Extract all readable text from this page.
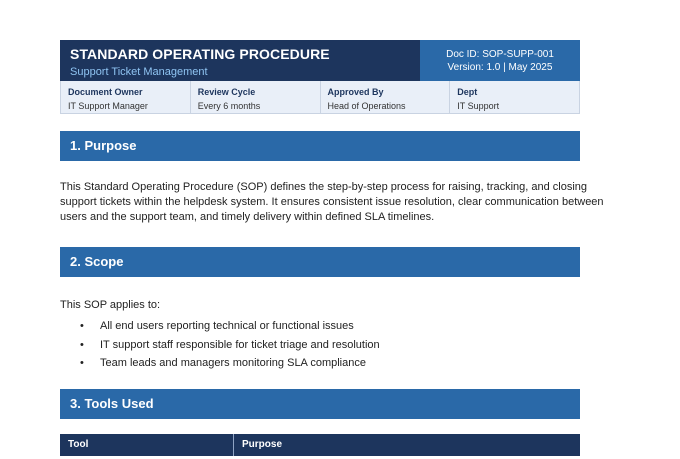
STANDARD OPERATING PROCEDURE
Support Ticket Management
Doc ID: SOP-SUPP-001
Version: 1.0 | May 2025
Document Owner
IT Support Manager
Review Cycle
Every 6 months
Approved By
Head of Operations
Dept
IT Support
1. Purpose
This Standard Operating Procedure (SOP) defines the step-by-step process for raising, tracking, and closing
support tickets within the helpdesk system. It ensures consistent issue resolution, clear communication between
users and the support team, and timely delivery within defined SLA timelines.
2. Scope
This SOP applies to:
• All end users reporting technical or functional issues
• IT support staff responsible for ticket triage and resolution
• Team leads and managers monitoring SLA compliance
3. Tools Used
Tool	Purpose
